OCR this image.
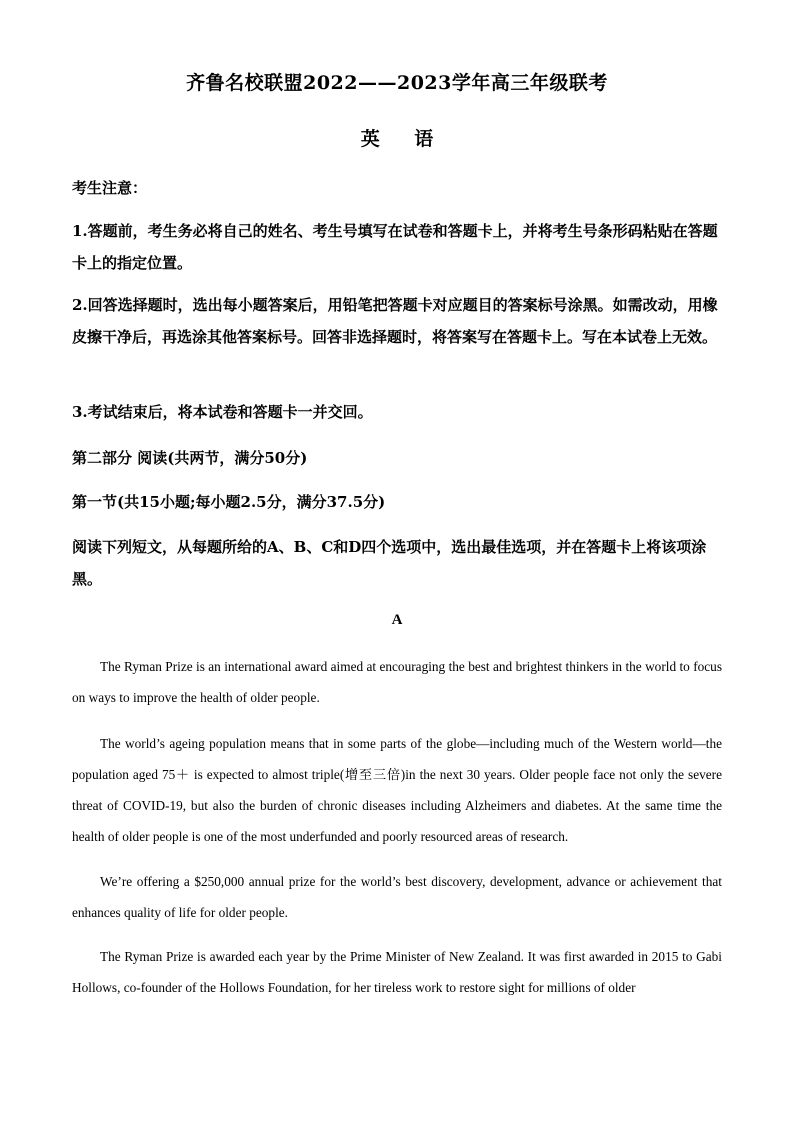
齐鲁名校联盟2022——2023学年高三年级联考
英 语
考生注意：
1.答题前，考生务必将自己的姓名、考生号填写在试卷和答题卡上，并将考生号条形码粘贴在答题卡上的指定位置。
2.回答选择题时，选出每小题答案后，用铅笔把答题卡对应题目的答案标号涂黑。如需改动，用橡皮擦干净后，再选涂其他答案标号。回答非选择题时，将答案写在答题卡上。写在本试卷上无效。
3.考试结束后，将本试卷和答题卡一并交回。
第二部分 阅读(共两节，满分50分)
第一节(共15小题;每小题2.5分，满分37.5分)
阅读下列短文，从每题所给的A、B、C和D四个选项中，选出最佳选项，并在答题卡上将该项涂黑。
A
The Ryman Prize is an international award aimed at encouraging the best and brightest thinkers in the world to focus on ways to improve the health of older people.
The world’s ageing population means that in some parts of the globe—including much of the Western world—the population aged 75＋ is expected to almost triple(增至三倍)in the next 30 years. Older people face not only the severe threat of COVID-19, but also the burden of chronic diseases including Alzheimers and diabetes. At the same time the health of older people is one of the most underfunded and poorly resourced areas of research.
We’re offering a $250,000 annual prize for the world’s best discovery, development, advance or achievement that enhances quality of life for older people.
The Ryman Prize is awarded each year by the Prime Minister of New Zealand. It was first awarded in 2015 to Gabi Hollows, co-founder of the Hollows Foundation, for her tireless work to restore sight for millions of older
